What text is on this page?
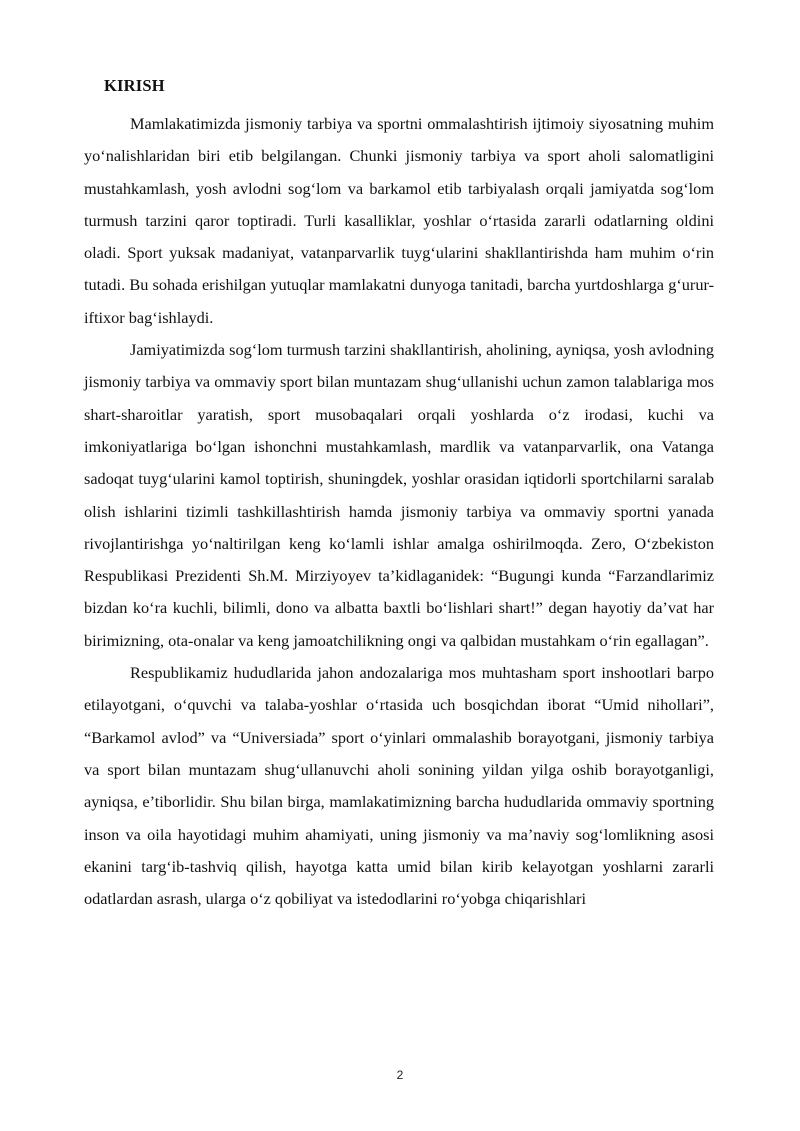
KIRISH

Mamlakatimizda jismoniy tarbiya va sportni ommalashtirish ijtimoiy siyosatning muhim yo‘nalishlaridan biri etib belgilangan. Chunki jismoniy tarbiya va sport aholi salomatligini mustahkamlash, yosh avlodni sog‘lom va barkamol etib tarbiyalash orqali jamiyatda sog‘lom turmush tarzini qaror toptiradi. Turli kasalliklar, yoshlar o‘rtasida zararli odatlarning oldini oladi. Sport yuksak madaniyat, vatanparvarlik tuyg‘ularini shakllantirishda ham muhim o‘rin tutadi. Bu sohada erishilgan yutuqlar mamlakatni dunyoga tanitadi, barcha yurtdoshlarga g‘urur-iftixor bag‘ishlaydi.

Jamiyatimizda sog‘lom turmush tarzini shakllantirish, aholining, ayniqsa, yosh avlodning jismoniy tarbiya va ommaviy sport bilan muntazam shug‘ullanishi uchun zamon talablariga mos shart-sharoitlar yaratish, sport musobaqalari orqali yoshlarda o‘z irodasi, kuchi va imkoniyatlariga bo‘lgan ishonchni mustahkamlash, mardlik va vatanparvarlik, ona Vatanga sadoqat tuyg‘ularini kamol toptirish, shuningdek, yoshlar orasidan iqtidorli sportchilarni saralab olish ishlarini tizimli tashkillashtirish hamda jismoniy tarbiya va ommaviy sportni yanada rivojlantirishga yo‘naltirilgan keng ko‘lamli ishlar amalga oshirilmoqda. Zero, O‘zbekiston Respublikasi Prezidenti Sh.M. Mirziyoyev ta’kidlaganidek: “Bugungi kunda “Farzandlarimiz bizdan ko‘ra kuchli, bilimli, dono va albatta baxtli bo‘lishlari shart!” degan hayotiy da’vat har birimizning, ota-onalar va keng jamoatchilikning ongi va qalbidan mustahkam o‘rin egallagan”.

Respublikamiz hududlarida jahon andozalariga mos muhtasham sport inshootlari barpo etilayotgani, o‘quvchi va talaba-yoshlar o‘rtasida uch bosqichdan iborat “Umid nihollari”, “Barkamol avlod” va “Universiada” sport o‘yinlari ommalashib borayotgani, jismoniy tarbiya va sport bilan muntazam shug‘ullanuvchi aholi sonining yildan yilga oshib borayotganligi, ayniqsa, e’tiborlidir. Shu bilan birga, mamlakatimizning barcha hududlarida ommaviy sportning inson va oila hayotidagi muhim ahamiyati, uning jismoniy va ma’naviy sog‘lomlikning asosi ekanini targ‘ib-tashviq qilish, hayotga katta umid bilan kirib kelayotgan yoshlarni zararli odatlardan asrash, ularga o‘z qobiliyat va istedodlarini ro‘yobga chiqarishlari

2
